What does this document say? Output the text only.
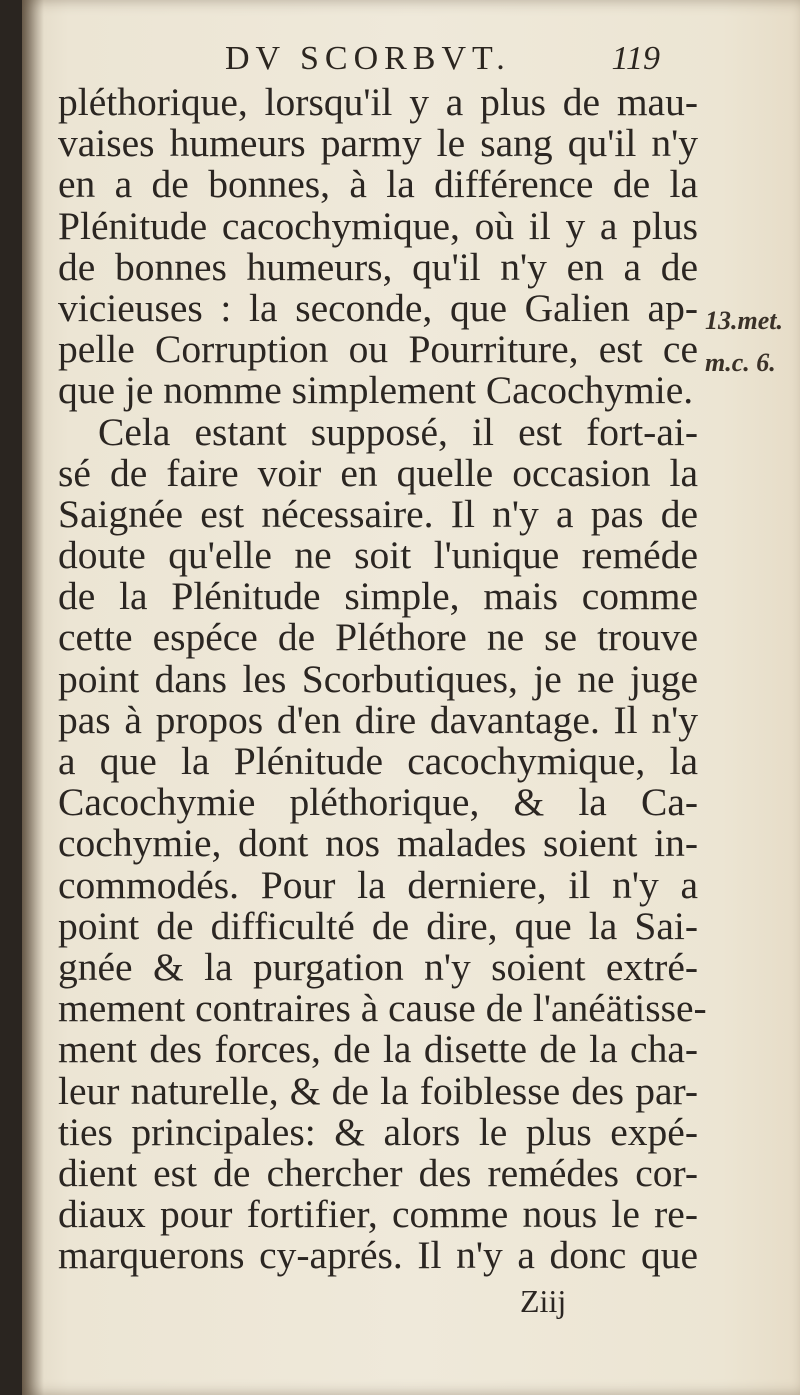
DV SCORBVT.	119
pléthorique, lorsqu'il y a plus de mau-
vaises humeurs parmy le sang qu'il n'y
en a de bonnes, à la différence de la
Plénitude cacochymique, où il y a plus
de bonnes humeurs, qu'il n'y en a de
vicieuses : la seconde, que Galien ap-
pelle Corruption ou Pourriture, est ce
que je nomme simplement Cacochymie.
Cela estant supposé, il est fort-ai-
sé de faire voir en quelle occasion la
Saignée est nécessaire. Il n'y a pas de
doute qu'elle ne soit l'unique reméde
de la Plénitude simple, mais comme
cette espéce de Pléthore ne se trouve
point dans les Scorbutiques, je ne juge
pas à propos d'en dire davantage. Il n'y
a que la Plénitude cacochymique, la
Cacochymie pléthorique, & la Ca-
cochymie, dont nos malades soient in-
commodés. Pour la derniere, il n'y a
point de difficulté de dire, que la Sai-
gnée & la purgation n'y soient extré-
mement contraires à cause de l'anéätisse-
ment des forces, de la disette de la cha-
leur naturelle, & de la foiblesse des par-
ties principales: & alors le plus expé-
dient est de chercher des remédes cor-
diaux pour fortifier, comme nous le re-
marquerons cy-aprés. Il n'y a donc que
13.met.
m.c. 6.
Ziij
